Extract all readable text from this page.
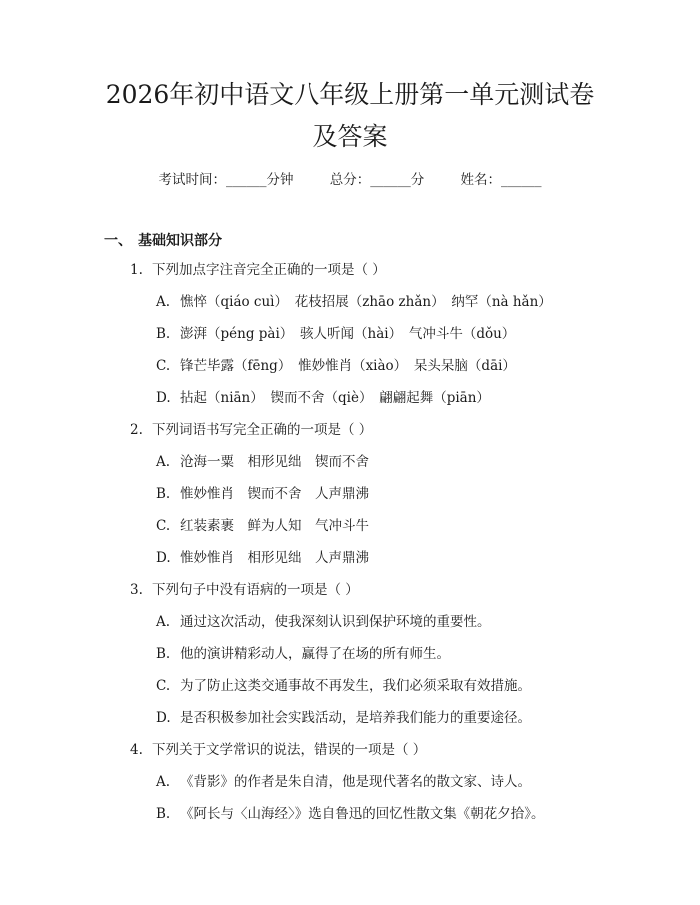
2026年初中语文八年级上册第一单元测试卷
及答案
考试时间：______分钟	总分：______分	姓名：______
一、 基础知识部分
1. 下列加点字注音完全正确的一项是（ ）
A. 憔悴（qiáo cuì）　花枝招展（zhāo zhǎn）　纳罕（nà hǎn）
B. 澎湃（péng pài）　骇人听闻（hài）　气冲斗牛（dǒu）
C. 锋芒毕露（fēng）　惟妙惟肖（xiào）　呆头呆脑（dāi）
D. 拈起（niān）　锲而不舍（qiè）　翩翩起舞（piān）
2. 下列词语书写完全正确的一项是（ ）
A. 沧海一粟　相形见绌　锲而不舍
B. 惟妙惟肖　锲而不舍　人声鼎沸
C. 红装素裹　鲜为人知　气冲斗牛
D. 惟妙惟肖　相形见绌　人声鼎沸
3. 下列句子中没有语病的一项是（ ）
A. 通过这次活动，使我深刻认识到保护环境的重要性。
B. 他的演讲精彩动人，赢得了在场的所有师生。
C. 为了防止这类交通事故不再发生，我们必须采取有效措施。
D. 是否积极参加社会实践活动，是培养我们能力的重要途径。
4. 下列关于文学常识的说法，错误的一项是（ ）
A. 《背影》的作者是朱自清，他是现代著名的散文家、诗人。
B. 《阿长与〈山海经〉》选自鲁迅的回忆性散文集《朝花夕拾》。
